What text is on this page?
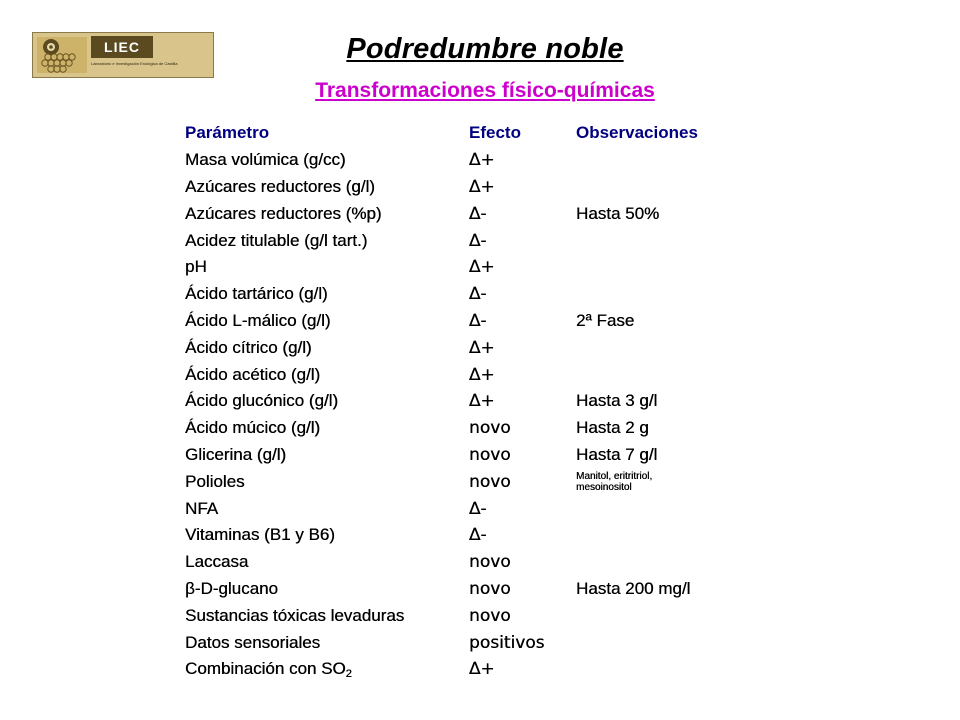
LIEC
Laboratorio e Investigación Enológica de Castilla	Podredumbre noble
Transformaciones físico-químicas
Parámetro	Efecto	Observaciones
Masa volúmica (g/cc)	∆+	
Azúcares reductores (g/l)	∆+	
Azúcares reductores (%p)	∆-	Hasta 50%
Acidez titulable (g/l tart.)	∆-	
pH	∆+	
Ácido tartárico (g/l)	∆-	
Ácido L-málico (g/l)	∆-	2ª Fase
Ácido cítrico (g/l)	∆+	
Ácido acético (g/l)	∆+	
Ácido glucónico (g/l)	∆+	Hasta 3 g/l
Ácido múcico (g/l)	novo	Hasta 2 g
Glicerina (g/l)	novo	Hasta 7 g/l
Polioles	novo	Manitol, eritritriol,
mesoinositol

NFA	∆-	
Vitaminas (B1 y B6)	∆-	
Laccasa	novo	
β-D-glucano	novo	Hasta 200 mg/l
Sustancias tóxicas levaduras	novo	
Datos sensoriales	positivos	
Combinación con $SO_2$	∆+	
